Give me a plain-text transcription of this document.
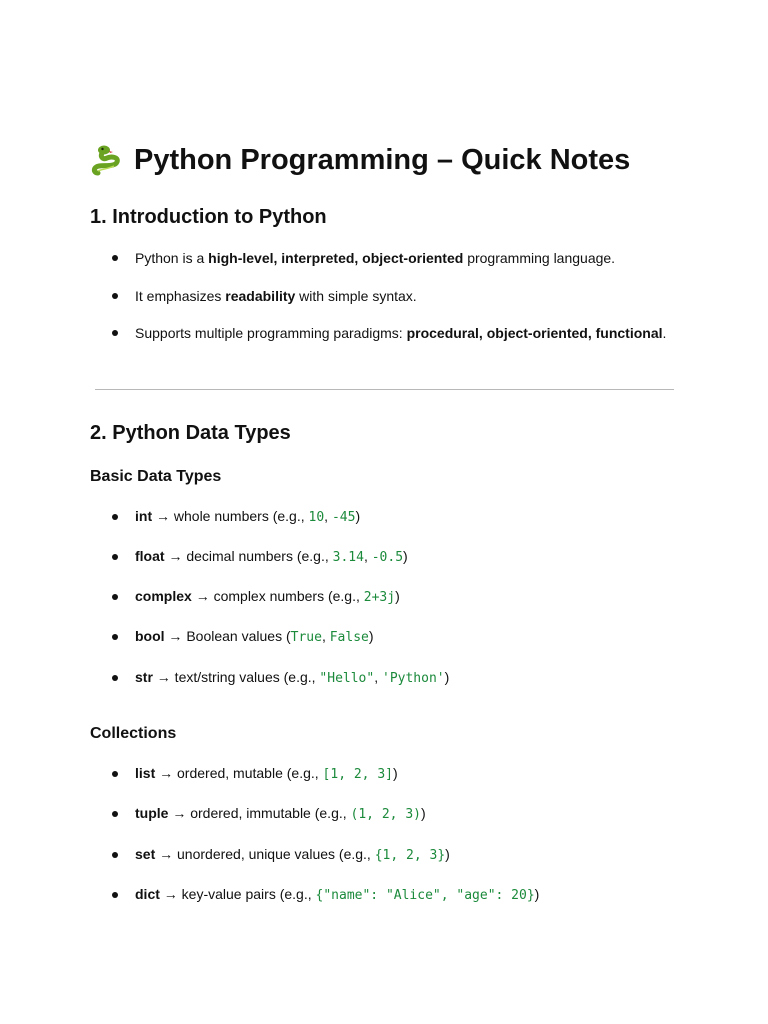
Python Programming – Quick Notes
1. Introduction to Python
Python is a high-level, interpreted, object-oriented programming language.
It emphasizes readability with simple syntax.
Supports multiple programming paradigms: procedural, object-oriented, functional.
2. Python Data Types
Basic Data Types
int → whole numbers (e.g., 10, -45)
float → decimal numbers (e.g., 3.14, -0.5)
complex → complex numbers (e.g., 2+3j)
bool → Boolean values (True, False)
str → text/string values (e.g., "Hello", 'Python')
Collections
list → ordered, mutable (e.g., [1, 2, 3])
tuple → ordered, immutable (e.g., (1, 2, 3))
set → unordered, unique values (e.g., {1, 2, 3})
dict → key-value pairs (e.g., {"name": "Alice", "age": 20})
